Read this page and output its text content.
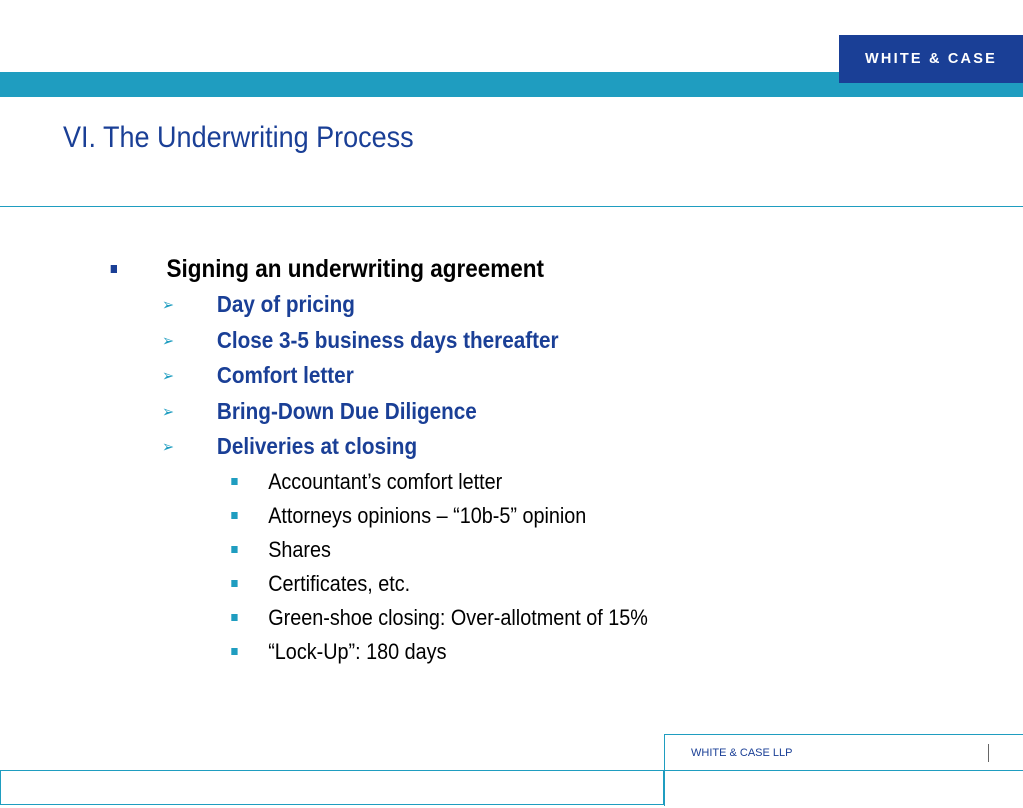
WHITE & CASE
VI. The Underwriting Process
Signing an underwriting agreement
➢ Day of pricing
➢ Close 3-5 business days thereafter
➢ Comfort letter
➢ Bring-Down Due Diligence
➢ Deliveries at closing
Accountant’s comfort letter
Attorneys opinions – “10b-5” opinion
Shares
Certificates, etc.
Green-shoe closing: Over-allotment of 15%
“Lock-Up”: 180 days
WHITE & CASE LLP
